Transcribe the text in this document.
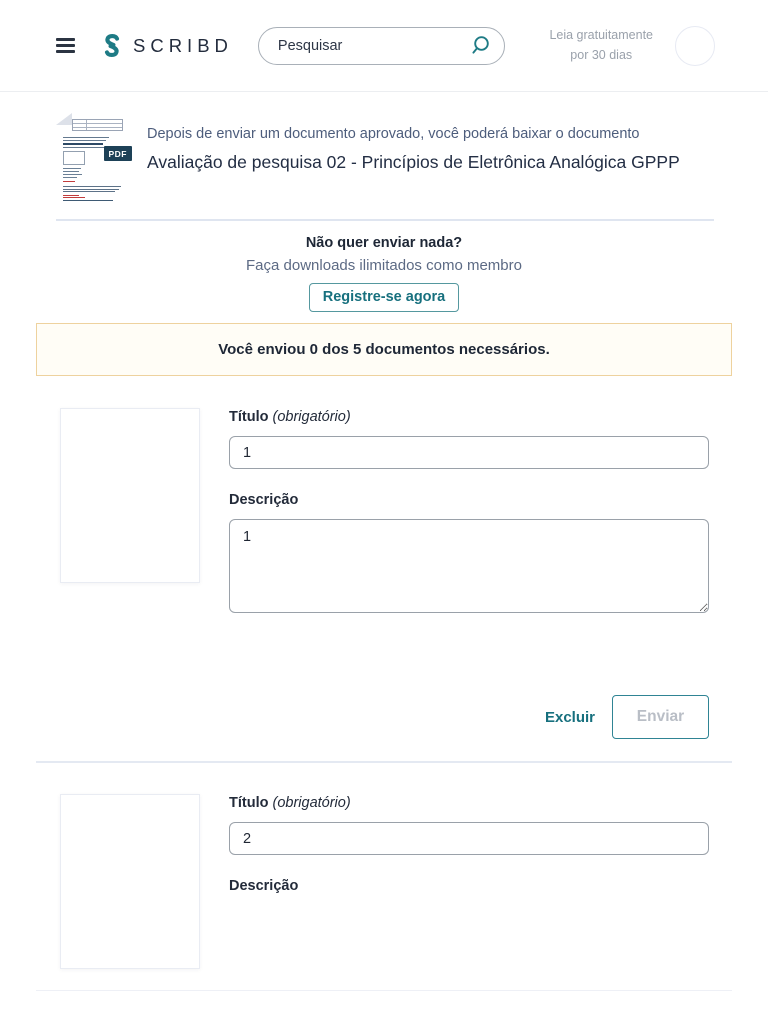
SCRIBD
Pesquisar	Leia gratuitamente
por 30 dias
PDF
Depois de enviar um documento aprovado, você poderá baixar o documento
Avaliação de pesquisa 02 - Princípios de Eletrônica Analógica GPPP
Não quer enviar nada?
Faça downloads ilimitados como membro
Registre-se agora
Você enviou 0 dos 5 documentos necessários.
Título (obrigatório)
1
Descrição
1
Excluir	Enviar
Título (obrigatório)
2
Descrição
